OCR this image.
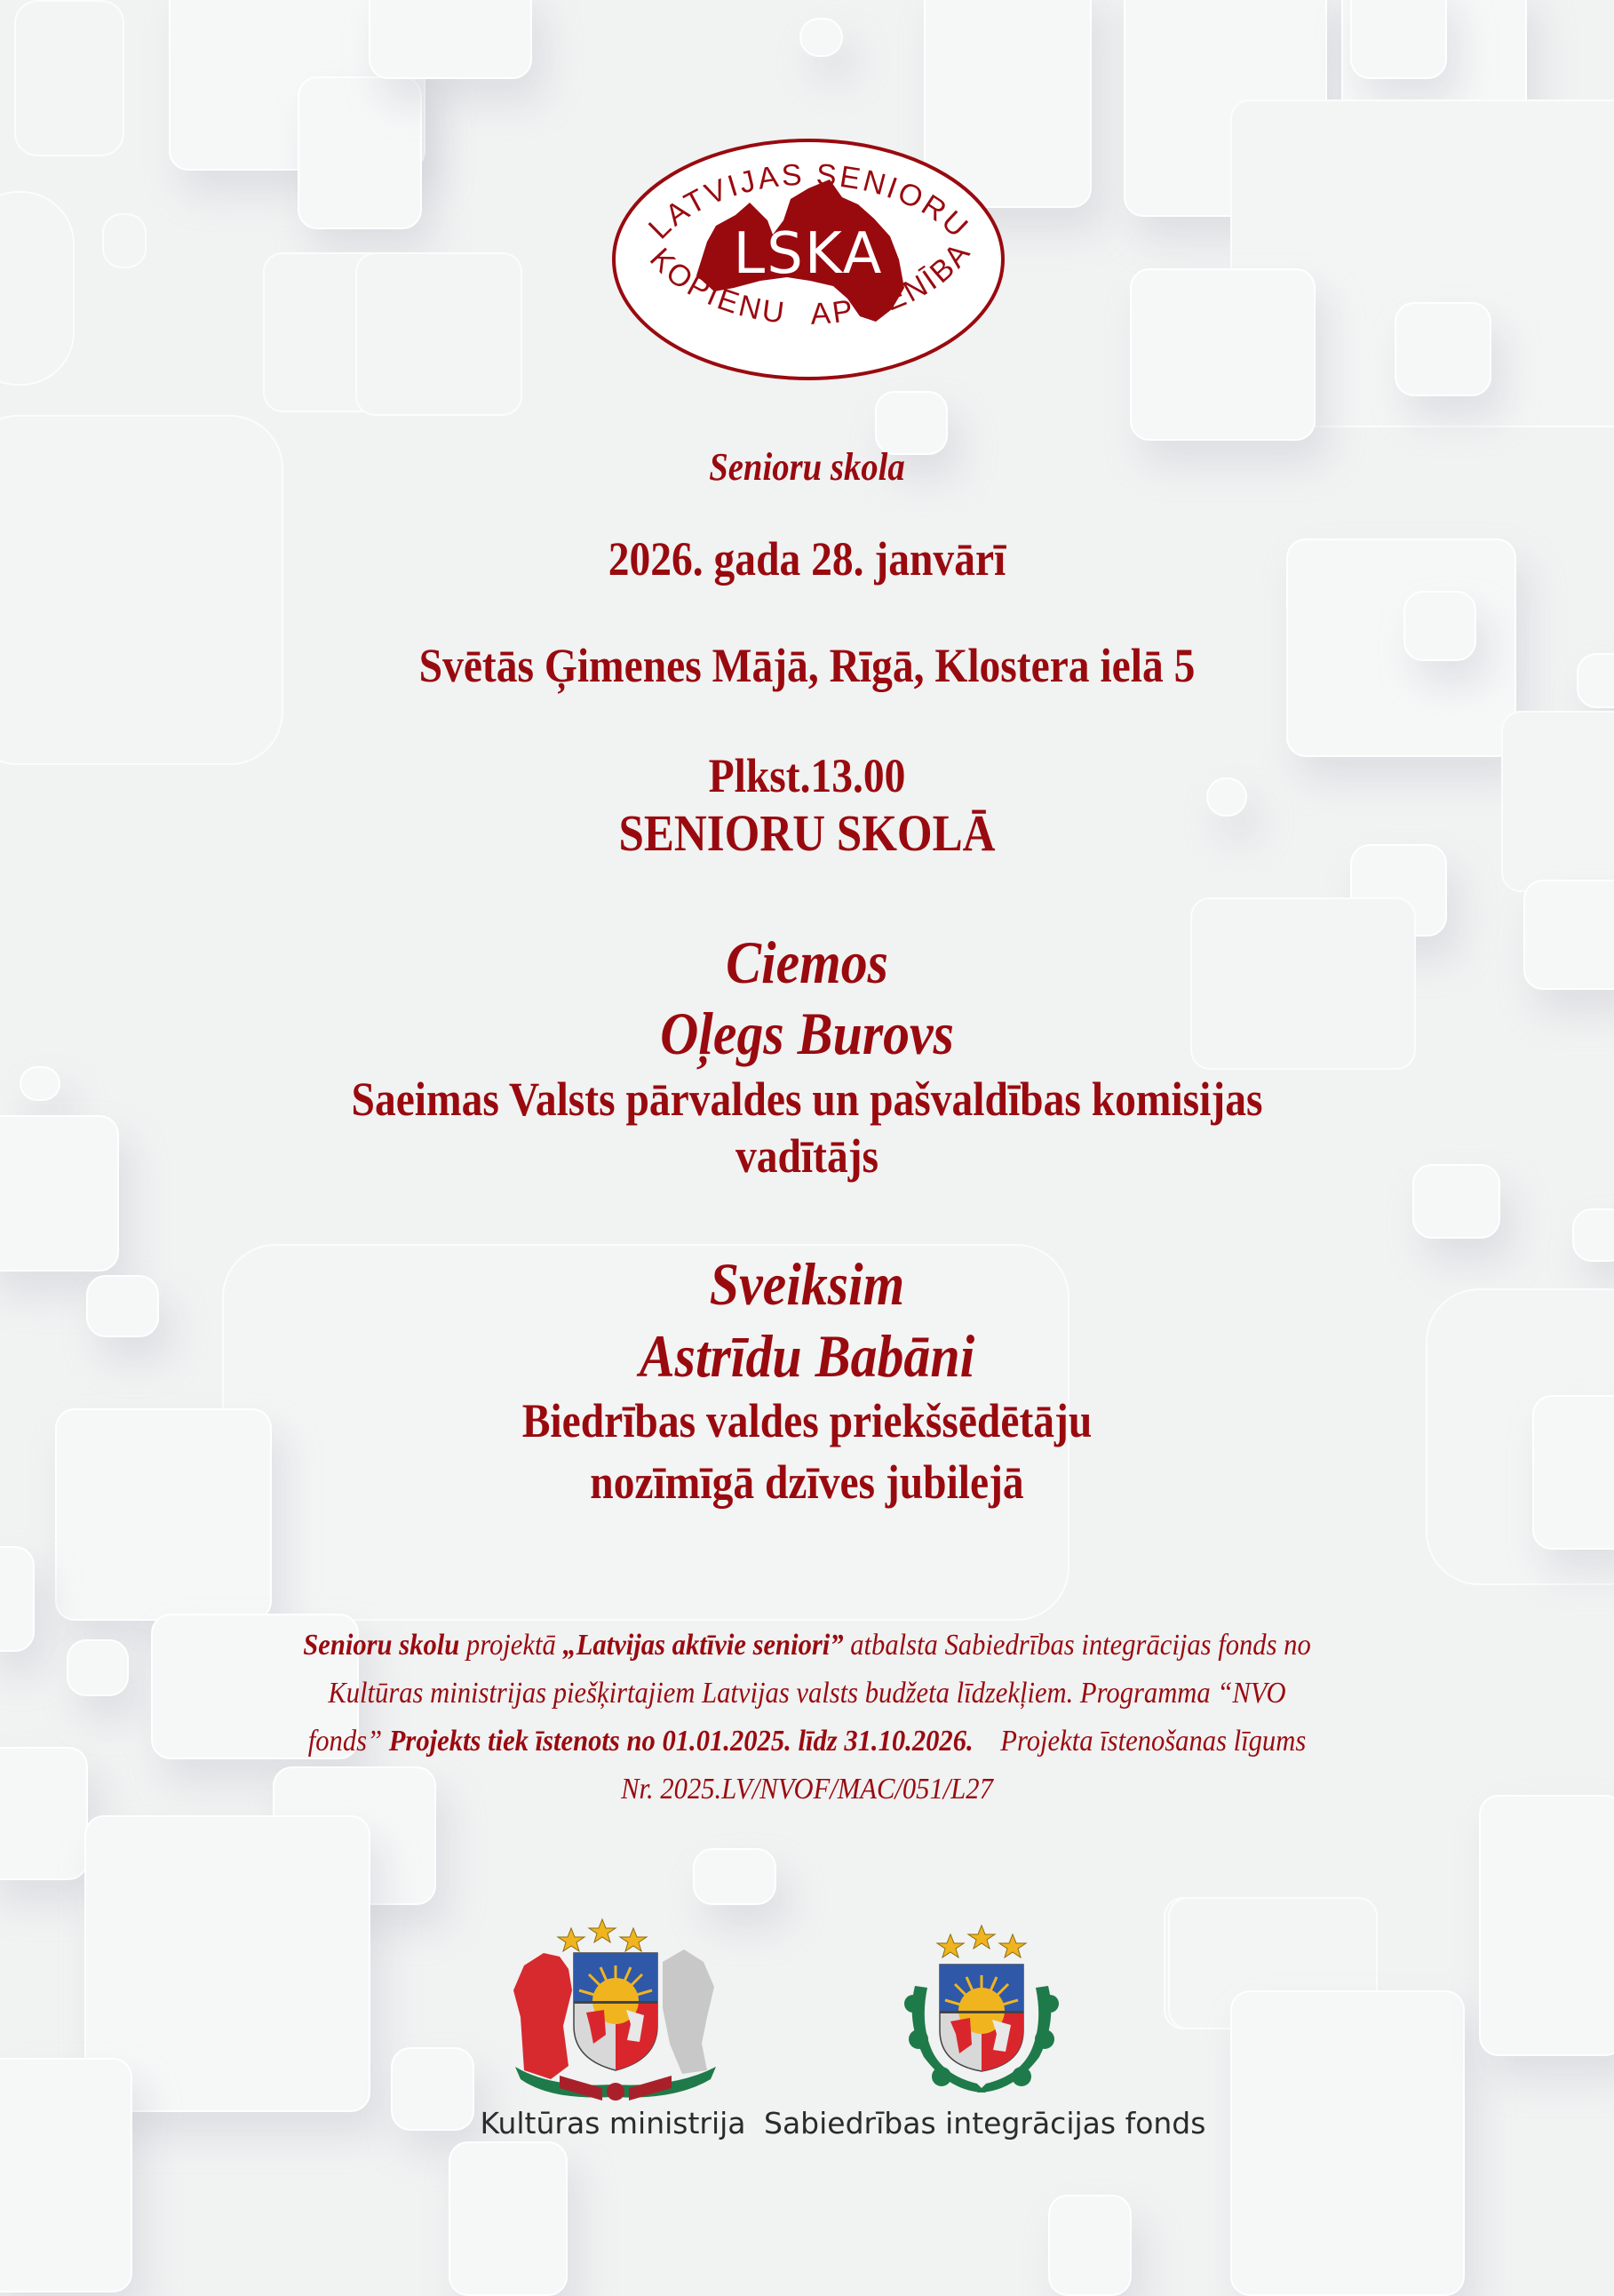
LSKA
LATVIJAS SENIORU
KOPIENU APVIENĪBA
Senioru skola
2026. gada 28. janvārī
Svētās Ģimenes Mājā, Rīgā, Klostera ielā 5
Plkst.13.00
SENIORU SKOLĀ
Ciemos
Oļegs Burovs
Saeimas Valsts pārvaldes un pašvaldības komisijas
vadītājs
Sveiksim
Astrīdu Babāni
Biedrības valdes priekšsēdētāju
nozīmīgā dzīves jubilejā
Senioru skolu projektā „Latvijas aktīvie seniori” atbalsta Sabiedrības integrācijas fonds no
Kultūras ministrijas piešķirtajiem Latvijas valsts budžeta līdzekļiem. Programma “NVO
fonds” Projekts tiek īstenots no 01.01.2025. līdz 31.10.2026.    Projekta īstenošanas līgums
Nr. 2025.LV/NVOF/MAC/051/L27
Kultūras ministrija Sabiedrības integrācijas fonds
